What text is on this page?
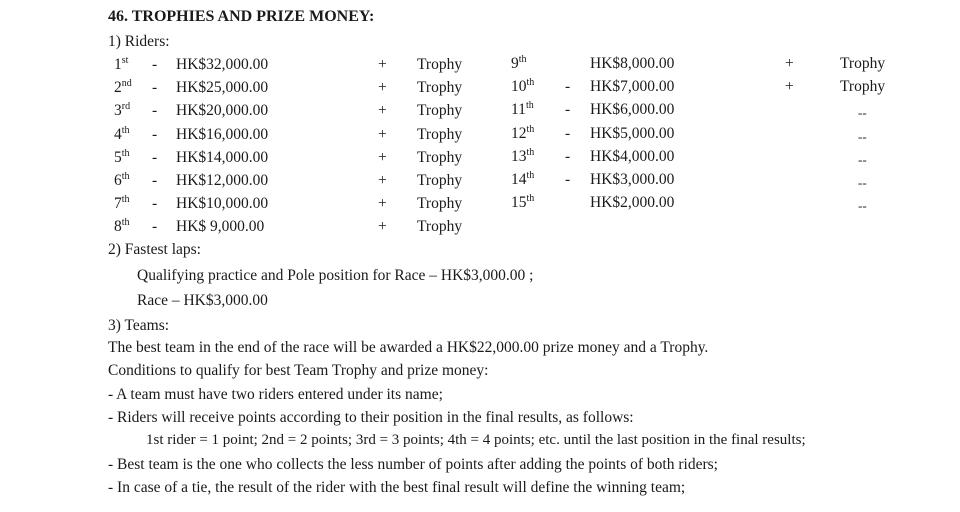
46. TROPHIES AND PRIZE MONEY:
1) Riders:
1st - HK$32,000.00	+ Trophy
2nd - HK$25,000.00	+ Trophy
3rd - HK$20,000.00	+ Trophy
4th - HK$16,000.00	+ Trophy
5th - HK$14,000.00	+ Trophy
6th - HK$12,000.00	+ Trophy
7th - HK$10,000.00	+ Trophy
8th - HK$ 9,000.00	+ Trophy
9th	HK$8,000.00	+	Trophy
10th - HK$7,000.00	+	Trophy
11th - HK$6,000.00	--
12th - HK$5,000.00	--
13th - HK$4,000.00	--
14th - HK$3,000.00	--
15th	HK$2,000.00	--
2) Fastest laps:
Qualifying practice and Pole position for Race – HK$3,000.00 ;
Race – HK$3,000.00
3) Teams:
The best team in the end of the race will be awarded a HK$22,000.00 prize money and a Trophy.
Conditions to qualify for best Team Trophy and prize money:
- A team must have two riders entered under its name;
- Riders will receive points according to their position in the final results, as follows:
1st rider = 1 point; 2nd = 2 points; 3rd = 3 points; 4th = 4 points; etc. until the last position in the final results;
- Best team is the one who collects the less number of points after adding the points of both riders;
- In case of a tie, the result of the rider with the best final result will define the winning team;
